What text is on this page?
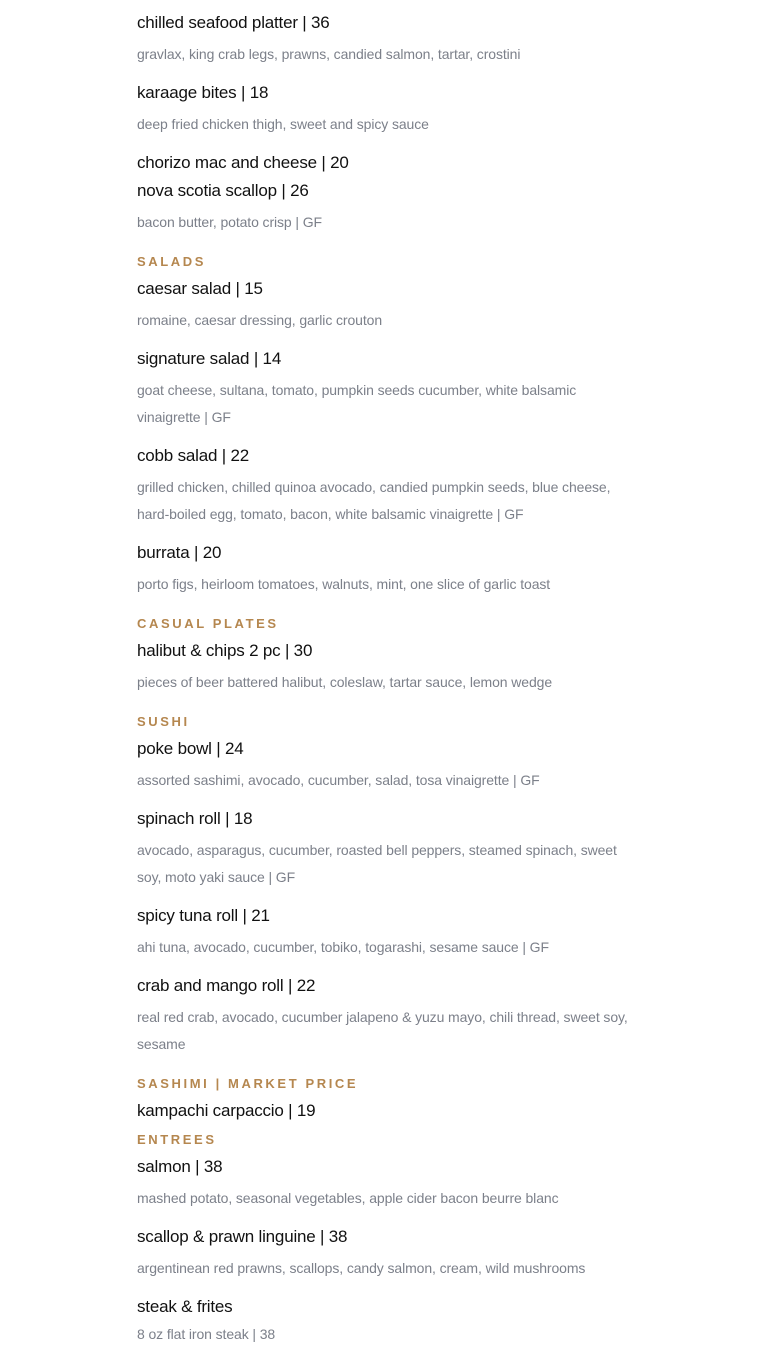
chilled seafood platter | 36

gravlax, king crab legs, prawns, candied salmon, tartar, crostini

karaage bites | 18

deep fried chicken thigh, sweet and spicy sauce

chorizo mac and cheese | 20
nova scotia scallop | 26

bacon butter, potato crisp | GF

SALADS
caesar salad | 15

romaine, caesar dressing, garlic crouton

signature salad | 14

goat cheese, sultana, tomato, pumpkin seeds cucumber, white balsamic vinaigrette | GF

cobb salad | 22

grilled chicken, chilled quinoa avocado, candied pumpkin seeds, blue cheese, hard-boiled egg, tomato, bacon, white balsamic vinaigrette | GF

burrata | 20

porto figs, heirloom tomatoes, walnuts, mint, one slice of garlic toast

CASUAL PLATES
halibut & chips 2 pc | 30

pieces of beer battered halibut, coleslaw, tartar sauce, lemon wedge

SUSHI
poke bowl | 24

assorted sashimi, avocado, cucumber, salad, tosa vinaigrette | GF

spinach roll | 18

avocado, asparagus, cucumber, roasted bell peppers, steamed spinach, sweet soy, moto yaki sauce | GF

spicy tuna roll | 21

ahi tuna, avocado, cucumber, tobiko, togarashi, sesame sauce | GF

crab and mango roll | 22

real red crab, avocado, cucumber jalapeno & yuzu mayo, chili thread, sweet soy, sesame

SASHIMI | MARKET PRICE
kampachi carpaccio | 19
ENTREES
salmon | 38

mashed potato, seasonal vegetables, apple cider bacon beurre blanc

scallop & prawn linguine | 38

argentinean red prawns, scallops, candy salmon, cream, wild mushrooms

steak & frites

8 oz flat iron steak | 38
